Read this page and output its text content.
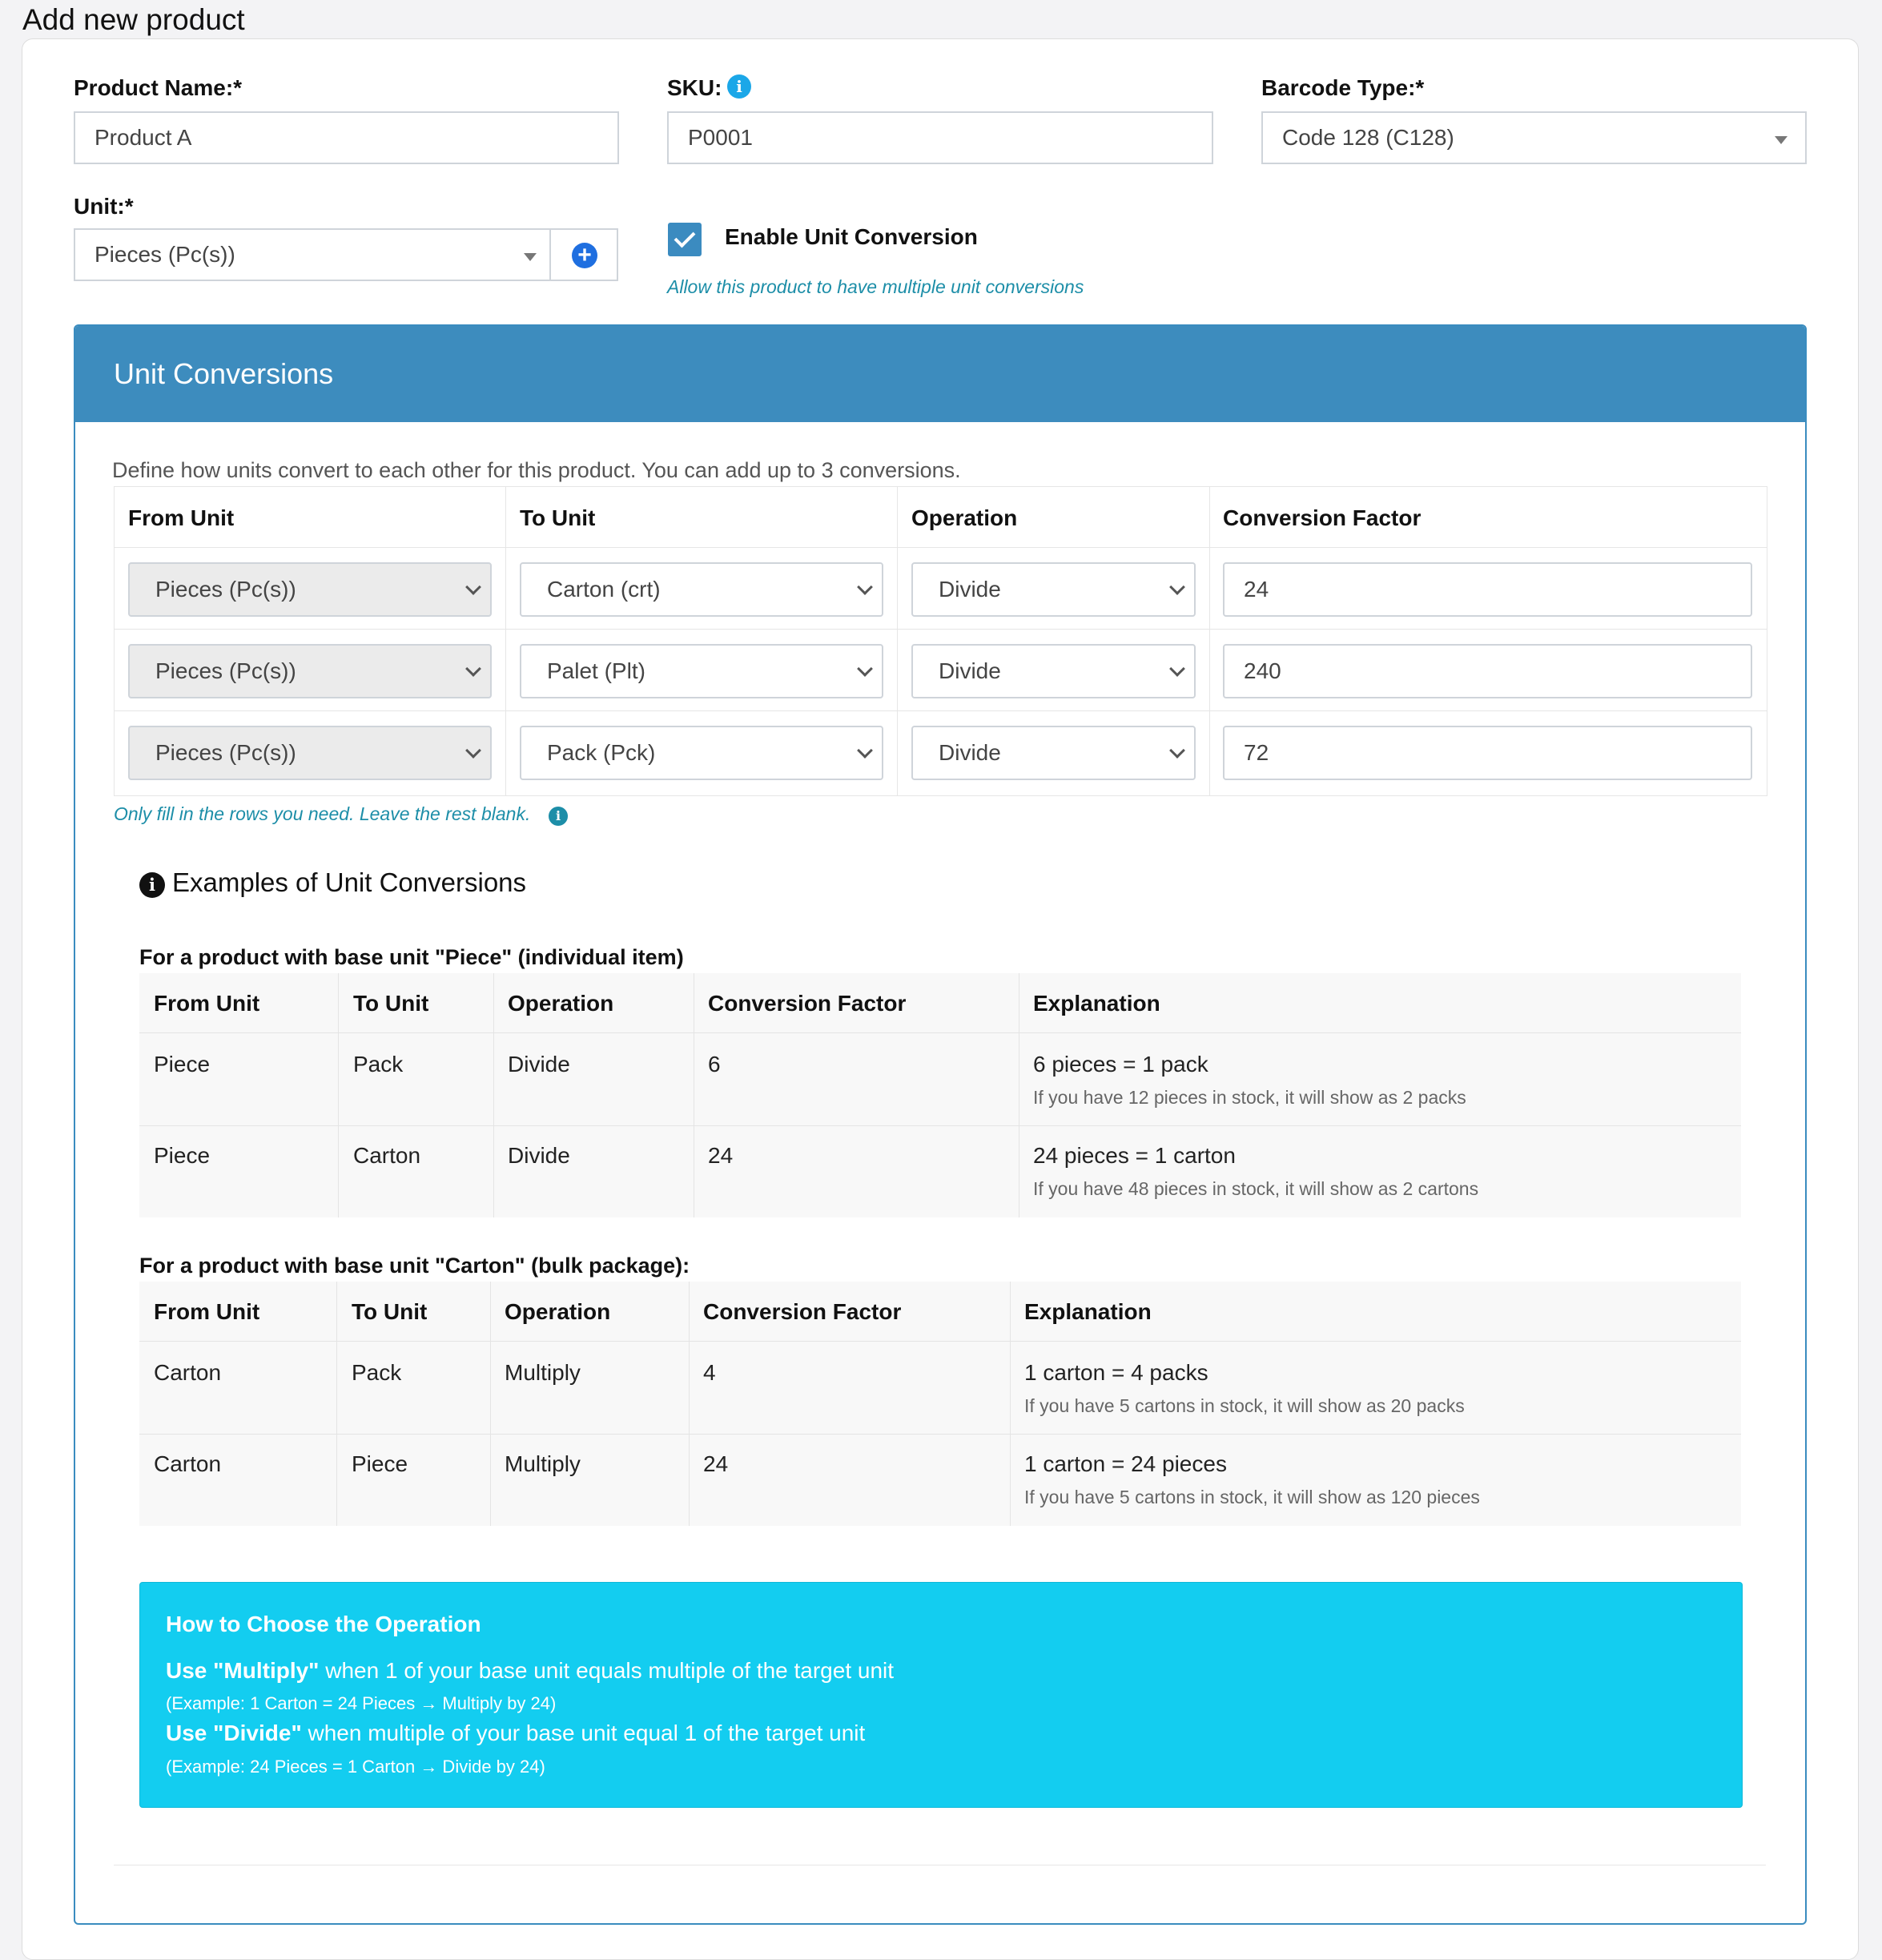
Add new product
Product Name:*
Product A
SKU: i
P0001
Barcode Type:*
Code 128 (C128)
Unit:*
Pieces (Pc(s))	+
Enable Unit Conversion
Allow this product to have multiple unit conversions
Unit Conversions
Define how units convert to each other for this product. You can add up to 3 conversions.
From Unit	To Unit	Operation	Conversion Factor
Pieces (Pc(s))	Carton (crt)	Divide	24
Pieces (Pc(s))	Palet (Plt)	Divide	240
Pieces (Pc(s))	Pack (Pck)	Divide	72
Only fill in the rows you need. Leave the rest blank.	i
i Examples of Unit Conversions
For a product with base unit "Piece" (individual item)
From Unit	To Unit	Operation	Conversion Factor	Explanation
Piece	Pack	Divide	6	6 pieces = 1 pack
If you have 12 pieces in stock, it will show as 2 packs
Piece	Carton	Divide	24	24 pieces = 1 carton
If you have 48 pieces in stock, it will show as 2 cartons
For a product with base unit "Carton" (bulk package):
From Unit	To Unit	Operation	Conversion Factor	Explanation
Carton	Pack	Multiply	4	1 carton = 4 packs
If you have 5 cartons in stock, it will show as 20 packs
Carton	Piece	Multiply	24	1 carton = 24 pieces
If you have 5 cartons in stock, it will show as 120 pieces
How to Choose the Operation
Use "Multiply" when 1 of your base unit equals multiple of the target unit
(Example: 1 Carton = 24 Pieces → Multiply by 24)
Use "Divide" when multiple of your base unit equal 1 of the target unit
(Example: 24 Pieces = 1 Carton → Divide by 24)
